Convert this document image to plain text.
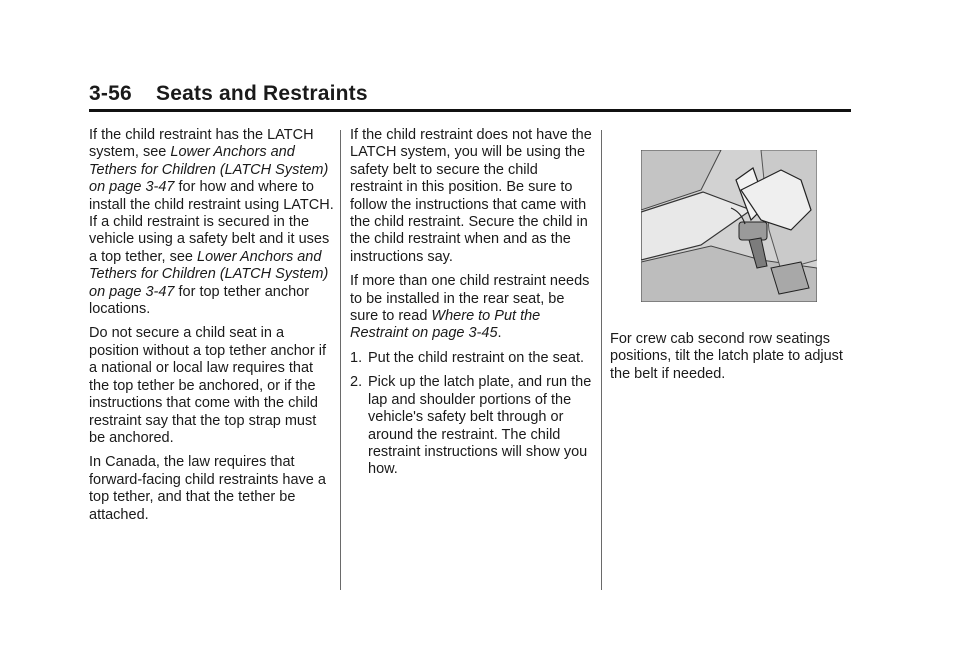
3-56 Seats and Restraints

If the child restraint has the LATCH system, see Lower Anchors and Tethers for Children (LATCH System) on page 3-47 for how and where to install the child restraint using LATCH. If a child restraint is secured in the vehicle using a safety belt and it uses a top tether, see Lower Anchors and Tethers for Children (LATCH System) on page 3-47 for top tether anchor locations.

Do not secure a child seat in a position without a top tether anchor if a national or local law requires that the top tether be anchored, or if the instructions that come with the child restraint say that the top strap must be anchored.

In Canada, the law requires that forward-facing child restraints have a top tether, and that the tether be attached.

If the child restraint does not have the LATCH system, you will be using the safety belt to secure the child restraint in this position. Be sure to follow the instructions that came with the child restraint. Secure the child in the child restraint when and as the instructions say.

If more than one child restraint needs to be installed in the rear seat, be sure to read Where to Put the Restraint on page 3-45.

1. Put the child restraint on the seat.
2. Pick up the latch plate, and run the lap and shoulder portions of the vehicle's safety belt through or around the restraint. The child restraint instructions will show you how.

For crew cab second row seatings positions, tilt the latch plate to adjust the belt if needed.
